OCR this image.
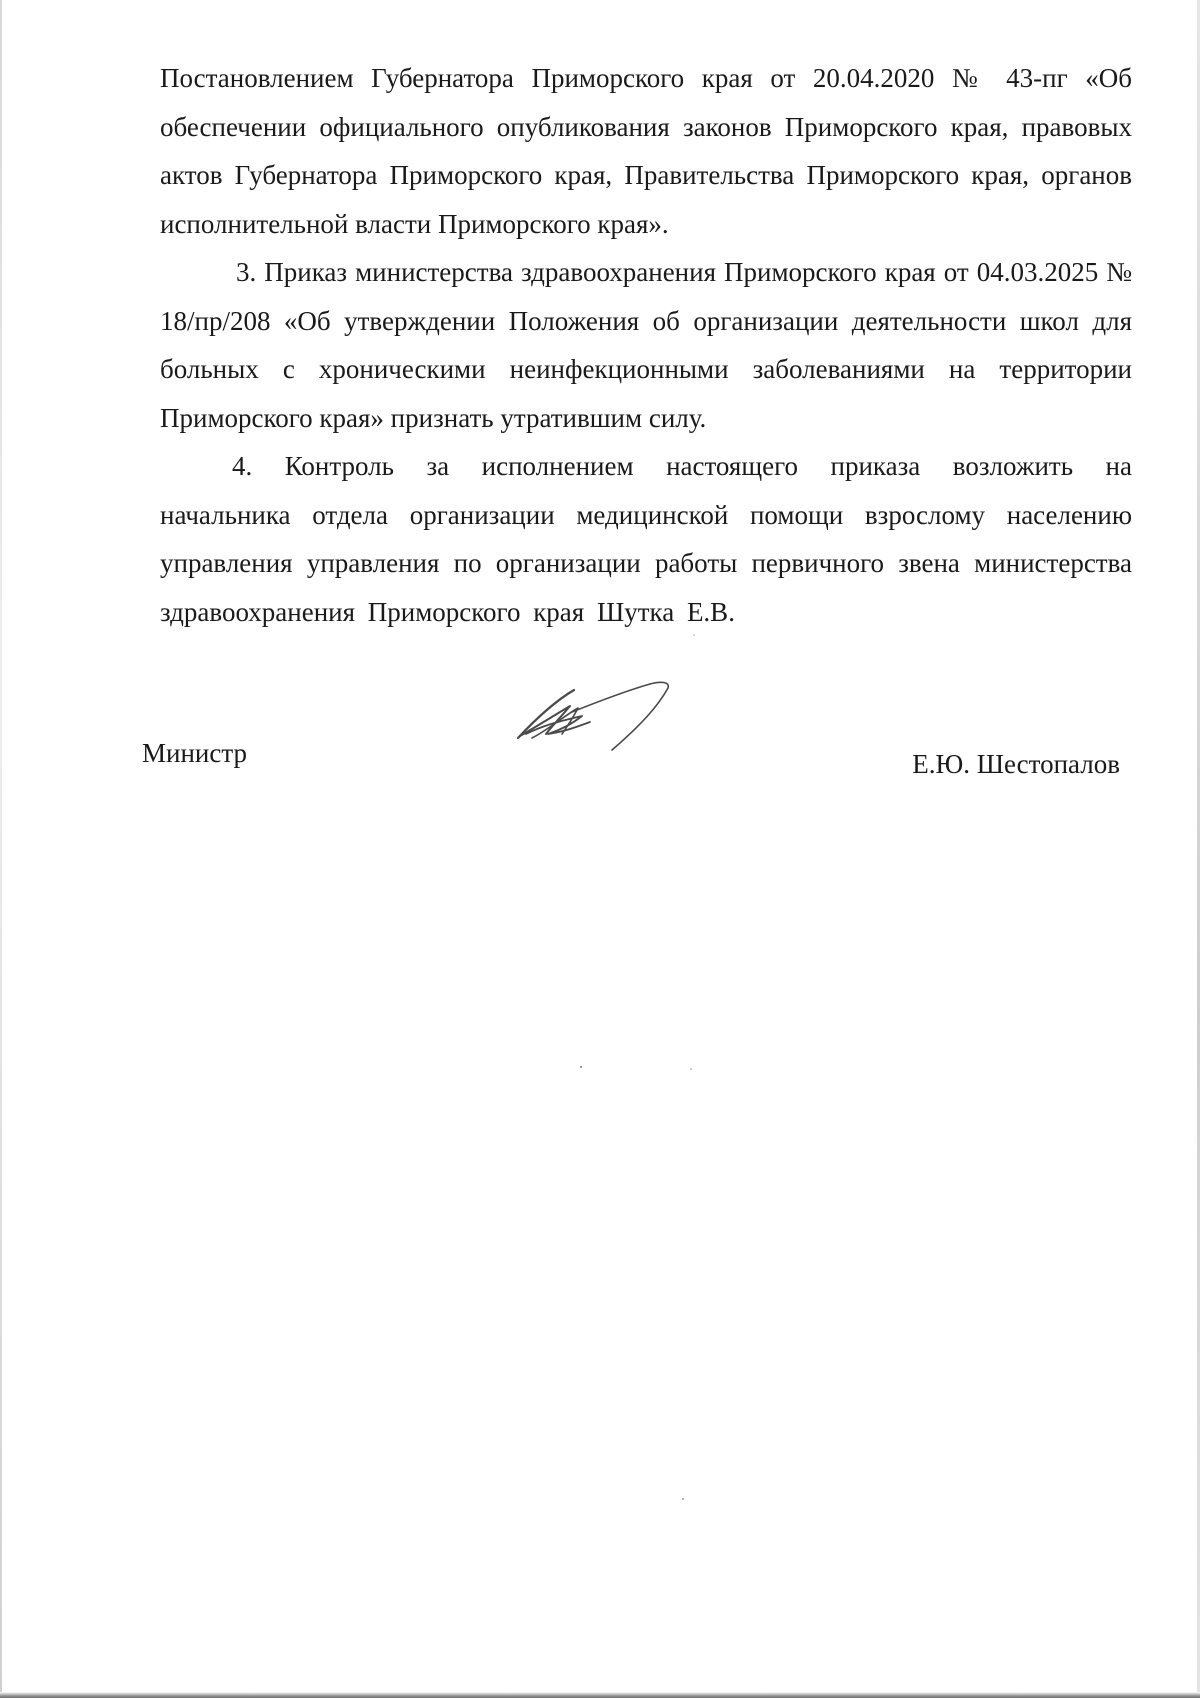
Постановлением Губернатора Приморского края от 20.04.2020 № 43-пг «Об обеспечении официального опубликования законов Приморского края, правовых актов Губернатора Приморского края, Правительства Приморского края, органов исполнительной власти Приморского края».

3. Приказ министерства здравоохранения Приморского края от 04.03.2025 № 18/пр/208 «Об утверждении Положения об организации деятельности школ для больных с хроническими неинфекционными заболеваниями на территории Приморского края» признать утратившим силу.

4. Контроль за исполнением настоящего приказа возложить на начальника отдела организации медицинской помощи взрослому населению управления управления по организации работы первичного звена министерства здравоохранения Приморского края Шутка Е.В.

Министр	Е.Ю. Шестопалов
